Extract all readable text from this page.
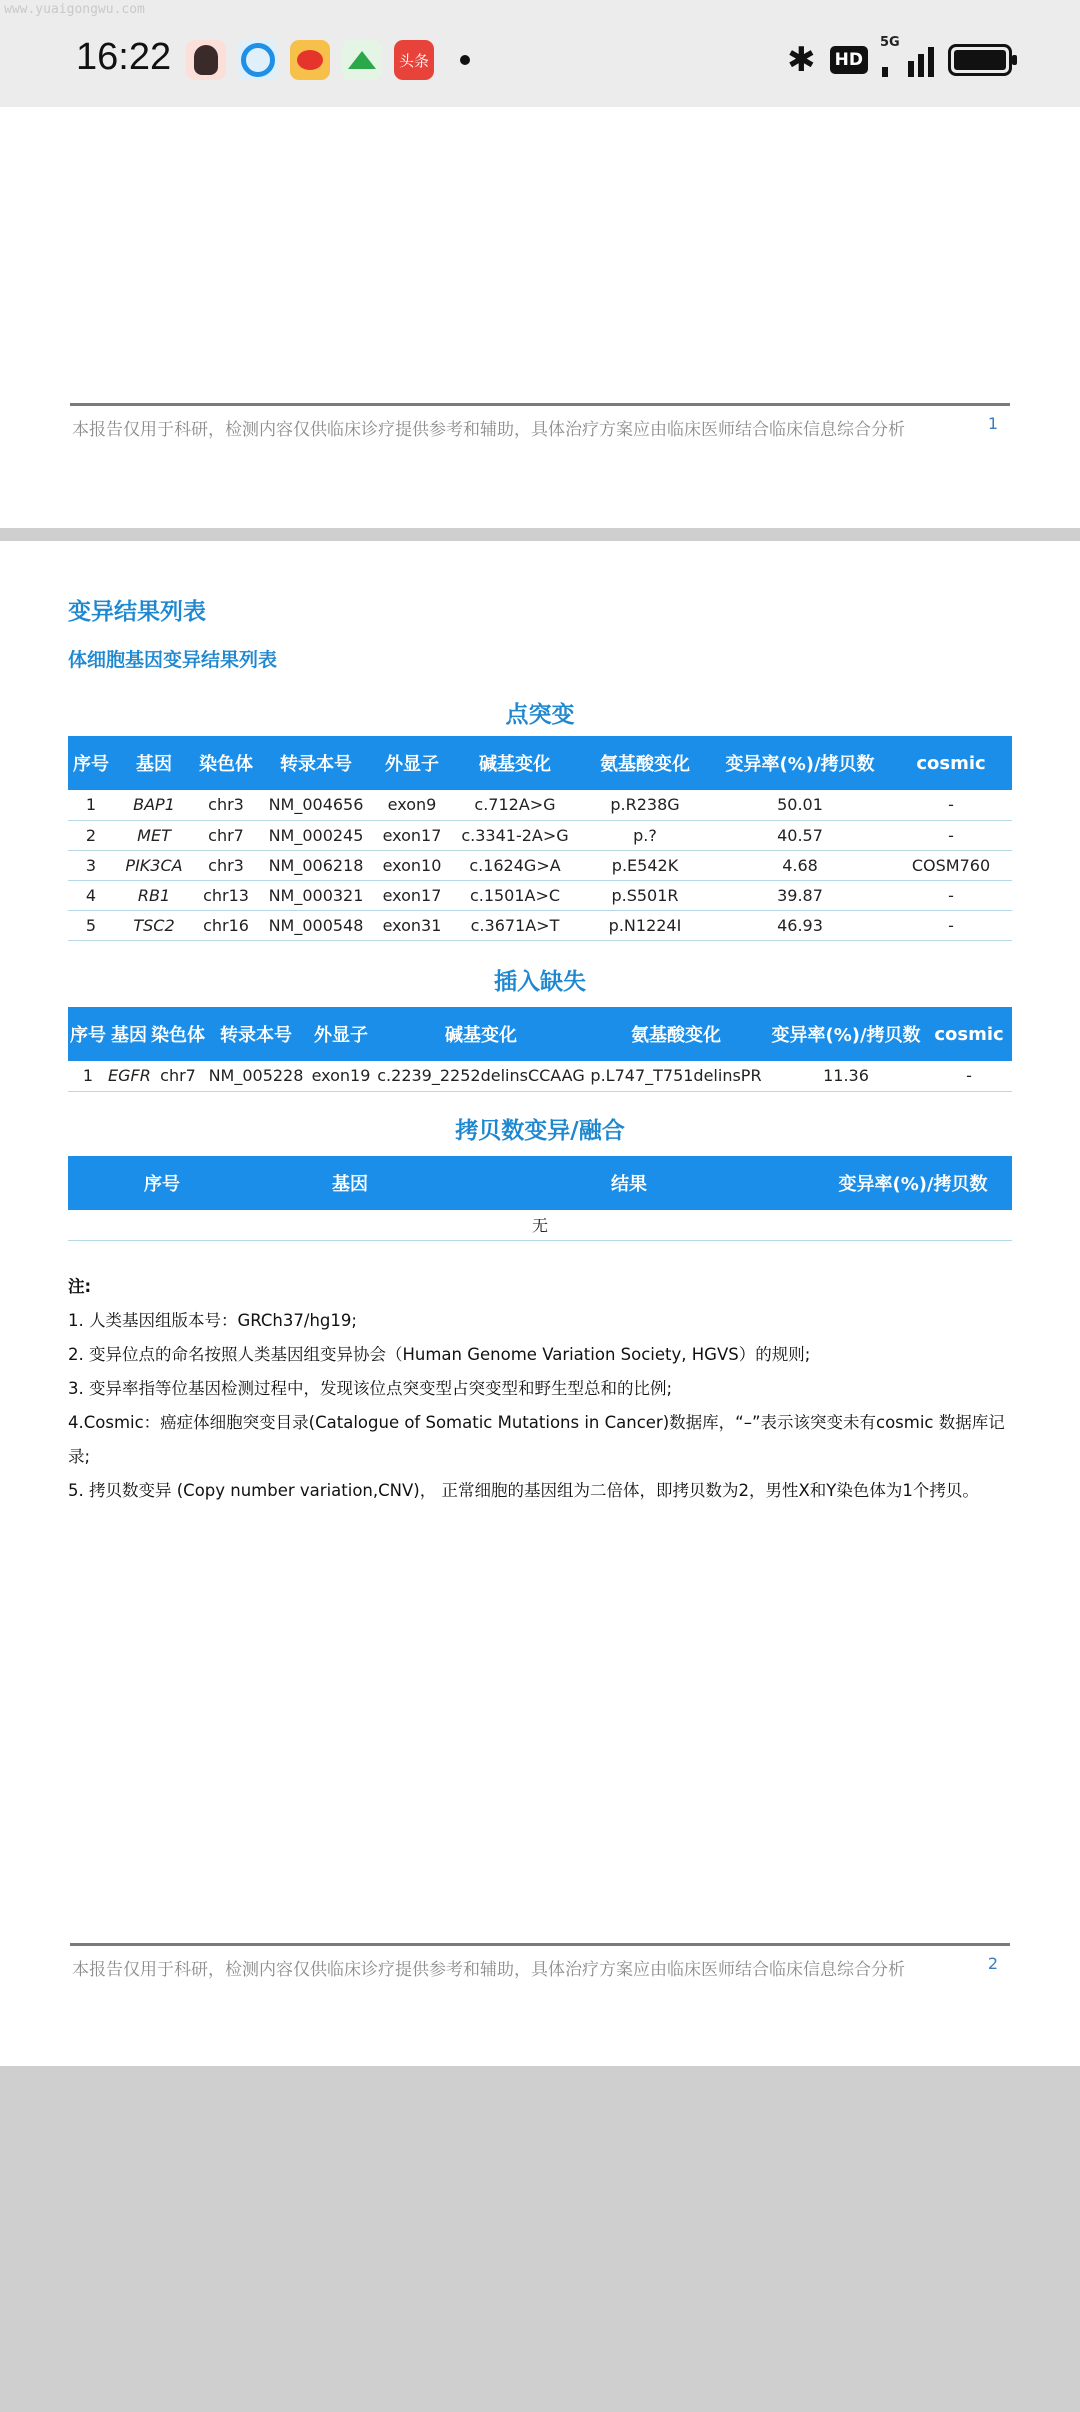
www.yuaigongwu.com
16:22	头条	✱ HD
5G
本报告仅用于科研，检测内容仅供临床诊疗提供参考和辅助，具体治疗方案应由临床医师结合临床信息综合分析	1
变异结果列表
体细胞基因变异结果列表
点突变
序号	基因	染色体	转录本号	外显子	碱基变化	氨基酸变化	变异率(%)/拷贝数	cosmic
1	BAP1	chr3	NM_004656	exon9	c.712A>G	p.R238G	50.01	-
2	MET	chr7	NM_000245	exon17	c.3341-2A>G	p.?	40.57	-
3	PIK3CA	chr3	NM_006218	exon10	c.1624G>A	p.E542K	4.68	COSM760
4	RB1	chr13	NM_000321	exon17	c.1501A>C	p.S501R	39.87	-
5	TSC2	chr16	NM_000548	exon31	c.3671A>T	p.N1224I	46.93	-
插入缺失
序号	基因	染色体	转录本号	外显子	碱基变化	氨基酸变化	变异率(%)/拷贝数	cosmic
1	EGFR	chr7	NM_005228	exon19	c.2239_2252delinsCCAAG	p.L747_T751delinsPR	11.36	-
拷贝数变异/融合
序号	基因	结果	变异率(%)/拷贝数
无
注:
1. 人类基因组版本号：GRCh37/hg19;
2. 变异位点的命名按照人类基因组变异协会（Human Genome Variation Society, HGVS）的规则;
3. 变异率指等位基因检测过程中，发现该位点突变型占突变型和野生型总和的比例;
4.Cosmic：癌症体细胞突变目录(Catalogue of Somatic Mutations in Cancer)数据库，“–”表示该突变未有cosmic 数据库记录;
5. 拷贝数变异 (Copy number variation,CNV)， 正常细胞的基因组为二倍体，即拷贝数为2，男性X和Y染色体为1个拷贝。
本报告仅用于科研，检测内容仅供临床诊疗提供参考和辅助，具体治疗方案应由临床医师结合临床信息综合分析	2
